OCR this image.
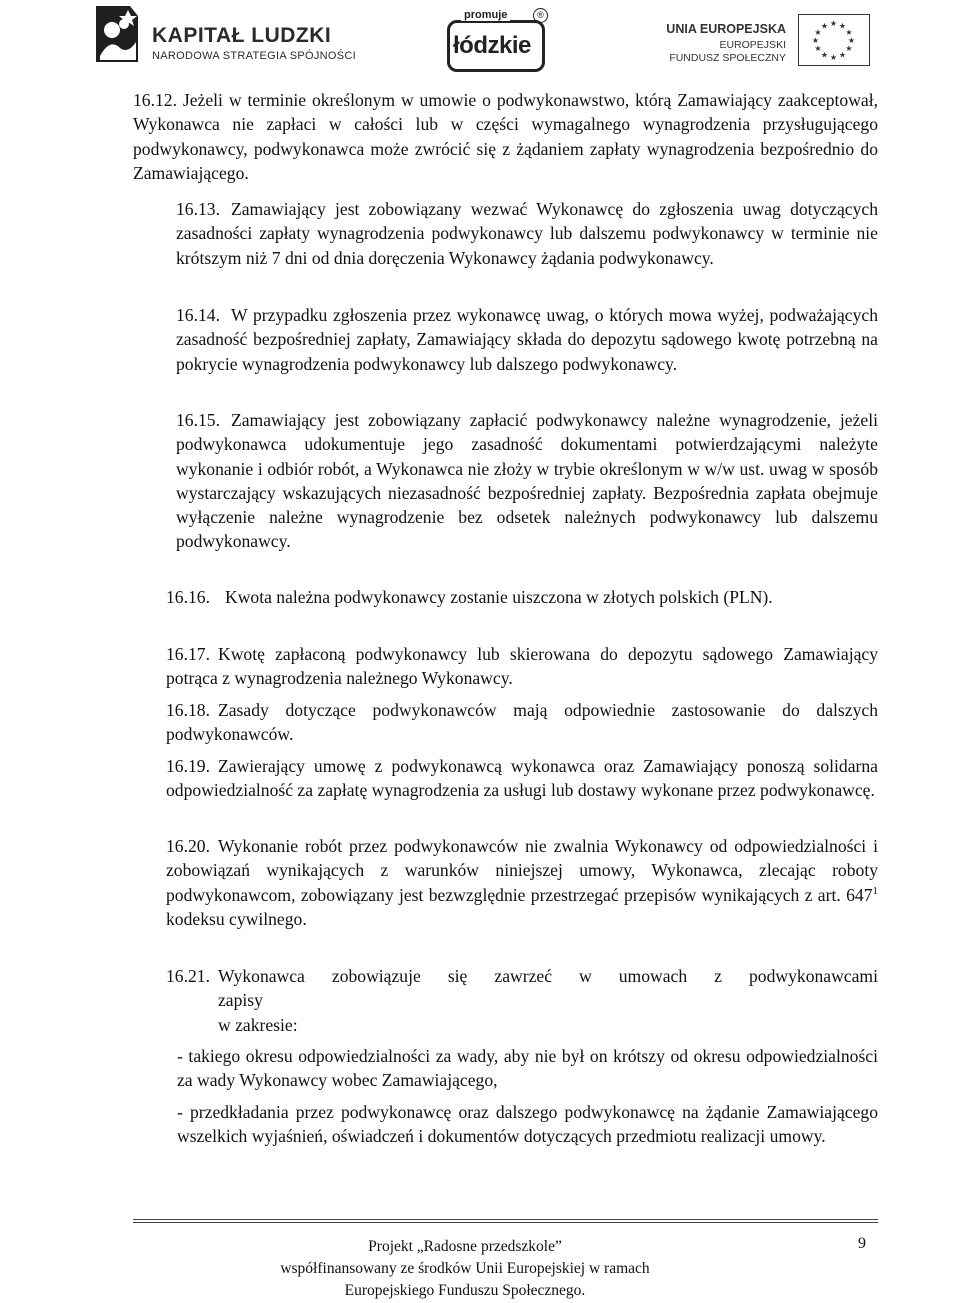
KAPITAŁ LUDZKI
NARODOWA STRATEGIA SPÓJNOŚCI
promuje
łódzkie
®
UNIA EUROPEJSKA
EUROPEJSKI
FUNDUSZ SPOŁECZNY
★ ★
★
★
★
★
★
★
★
★
★
★

16.12. Jeżeli w terminie określonym w umowie o podwykonawstwo, którą Zamawiający zaakceptował, Wykonawca nie zapłaci w całości lub w części wymagalnego wynagrodzenia przysługującego podwykonawcy, podwykonawca może zwrócić się z żądaniem zapłaty wynagrodzenia bezpośrednio do Zamawiającego.

16.13. Zamawiający jest zobowiązany wezwać Wykonawcę do zgłoszenia uwag dotyczących zasadności zapłaty wynagrodzenia podwykonawcy lub dalszemu podwykonawcy w terminie nie krótszym niż 7 dni od dnia doręczenia Wykonawcy żądania podwykonawcy.
16.14. W przypadku zgłoszenia przez wykonawcę uwag, o których mowa wyżej, podważających zasadność bezpośredniej zapłaty, Zamawiający składa do depozytu sądowego kwotę potrzebną na pokrycie wynagrodzenia podwykonawcy lub dalszego podwykonawcy.
16.15. Zamawiający jest zobowiązany zapłacić podwykonawcy należne wynagrodzenie, jeżeli podwykonawca udokumentuje jego zasadność dokumentami potwierdzającymi należyte wykonanie i odbiór robót, a Wykonawca nie złoży w trybie określonym w w/w ust. uwag w sposób wystarczający wskazujących niezasadność bezpośredniej zapłaty. Bezpośrednia zapłata obejmuje wyłączenie należne wynagrodzenie bez odsetek należnych podwykonawcy lub dalszemu podwykonawcy.
16.16. Kwota należna podwykonawcy zostanie uiszczona w złotych polskich (PLN).
16.17. Kwotę zapłaconą podwykonawcy lub skierowana do depozytu sądowego Zamawiający potrąca z wynagrodzenia należnego Wykonawcy.
16.18. Zasady dotyczące podwykonawców mają odpowiednie zastosowanie do dalszych podwykonawców.
16.19. Zawierający umowę z podwykonawcą wykonawca oraz Zamawiający ponoszą solidarna odpowiedzialność za zapłatę wynagrodzenia za usługi lub dostawy wykonane przez podwykonawcę.
16.20. Wykonanie robót przez podwykonawców nie zwalnia Wykonawcy od odpowiedzialności i zobowiązań wynikających z warunków niniejszej umowy, Wykonawca, zlecając roboty podwykonawcom, zobowiązany jest bezwzględnie przestrzegać przepisów wynikających z art. $647^1$ kodeksu cywilnego.
16.21. Wykonawca zobowiązuje się zawrzeć w umowach z podwykonawcami
zapisy
w zakresie:

- takiego okresu odpowiedzialności za wady, aby nie był on krótszy od okresu odpowiedzialności za wady Wykonawcy wobec Zamawiającego,

- przedkładania przez podwykonawcę oraz dalszego podwykonawcę na żądanie Zamawiającego wszelkich wyjaśnień, oświadczeń i dokumentów dotyczących przedmiotu realizacji umowy.

Projekt „Radosne przedszkole”
współfinansowany ze środków Unii Europejskiej w ramach
Europejskiego Funduszu Społecznego.
9
